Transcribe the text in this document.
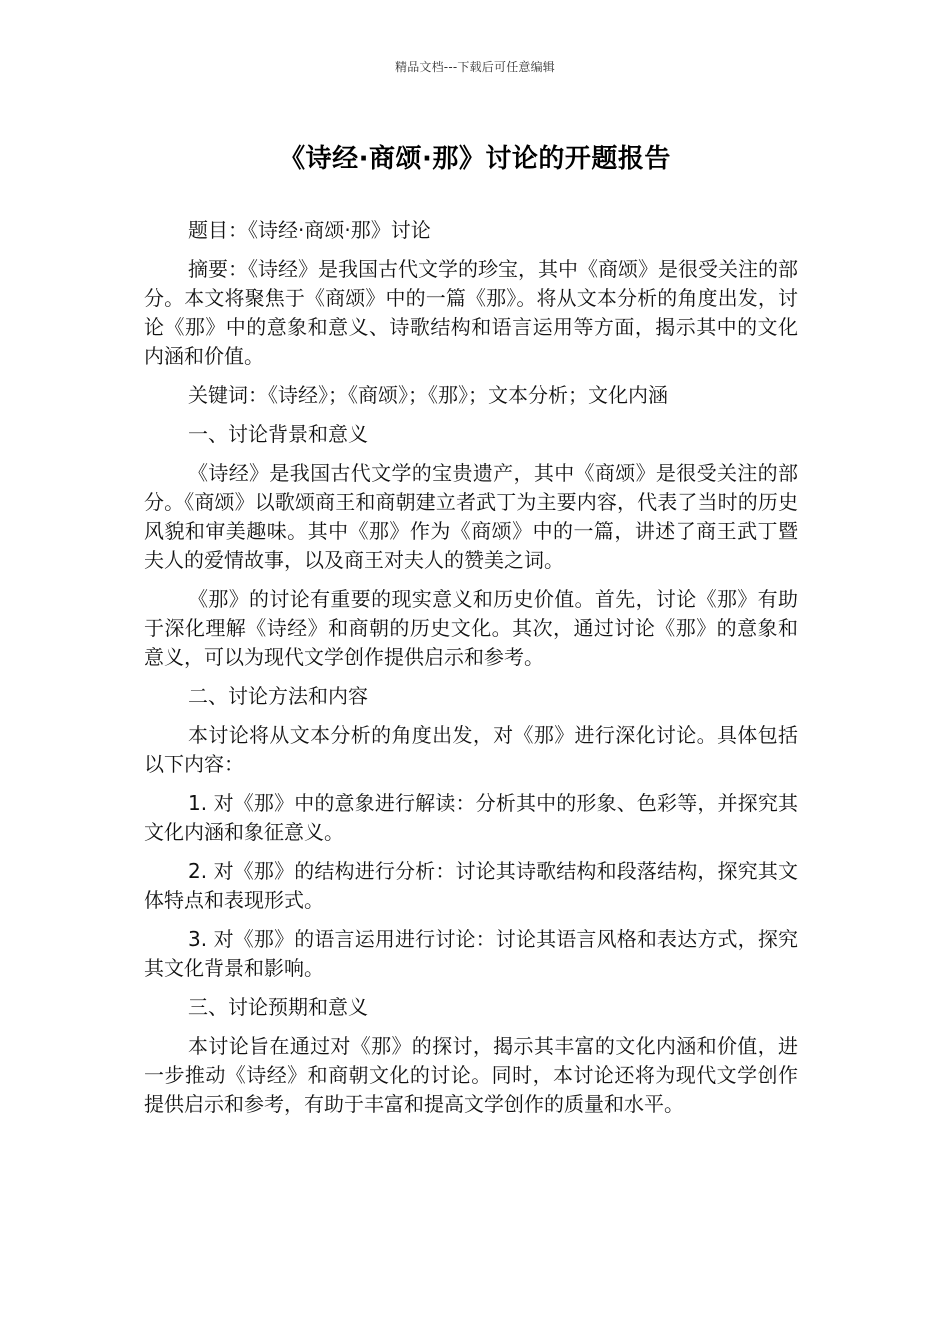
精品文档---下载后可任意编辑
《诗经·商颂·那》讨论的开题报告

题目：《诗经·商颂·那》讨论

摘要：《诗经》是我国古代文学的珍宝，其中《商颂》是很受关注的部分。本文将聚焦于《商颂》中的一篇《那》。将从文本分析的角度出发，讨论《那》中的意象和意义、诗歌结构和语言运用等方面，揭示其中的文化内涵和价值。

关键词：《诗经》；《商颂》；《那》；文本分析；文化内涵

一、讨论背景和意义

《诗经》是我国古代文学的宝贵遗产，其中《商颂》是很受关注的部分。《商颂》以歌颂商王和商朝建立者武丁为主要内容，代表了当时的历史风貌和审美趣味。其中《那》作为《商颂》中的一篇，讲述了商王武丁暨夫人的爱情故事，以及商王对夫人的赞美之词。

《那》的讨论有重要的现实意义和历史价值。首先，讨论《那》有助于深化理解《诗经》和商朝的历史文化。其次，通过讨论《那》的意象和意义，可以为现代文学创作提供启示和参考。

二、讨论方法和内容

本讨论将从文本分析的角度出发，对《那》进行深化讨论。具体包括以下内容：

1. 对《那》中的意象进行解读：分析其中的形象、色彩等，并探究其文化内涵和象征意义。

2. 对《那》的结构进行分析：讨论其诗歌结构和段落结构，探究其文体特点和表现形式。

3. 对《那》的语言运用进行讨论：讨论其语言风格和表达方式，探究其文化背景和影响。

三、讨论预期和意义

本讨论旨在通过对《那》的探讨，揭示其丰富的文化内涵和价值，进一步推动《诗经》和商朝文化的讨论。同时，本讨论还将为现代文学创作提供启示和参考，有助于丰富和提高文学创作的质量和水平。
